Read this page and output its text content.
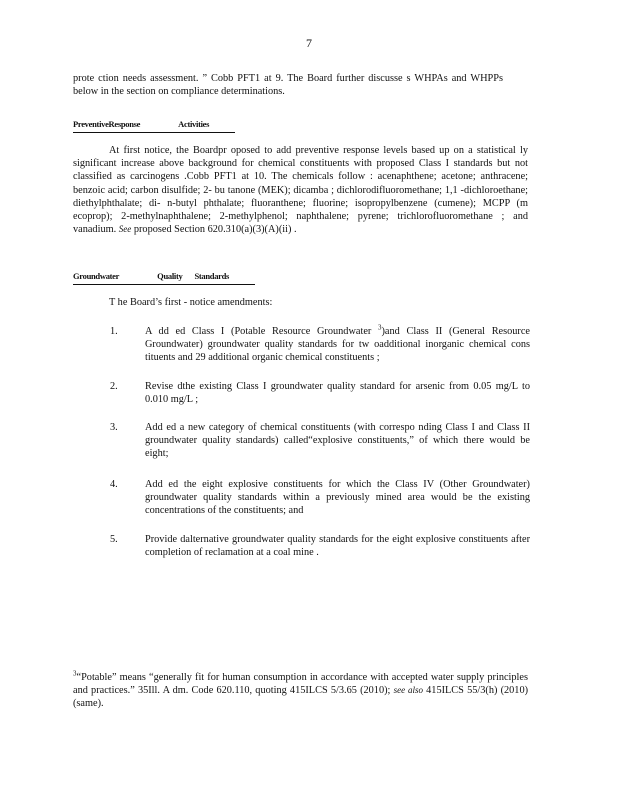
7
prote ction needs assessment. ” Cobb PFT1 at 9. The Board further discusse s WHPAs and WHPPs below in the section on compliance determinations.
PreventiveResponse	Activities
At first notice, the Boardpr oposed to add preventive response levels based up on a statistical ly significant increase above background for chemical constituents with proposed Class I standards but not classified as carcinogens .Cobb PFT1 at 10. The chemicals follow : acenaphthene; acetone; anthracene; benzoic acid; carbon disulfide; 2- bu tanone (MEK); dicamba ; dichlorodifluoromethane; 1,1 -dichloroethane; diethylphthalate; di- n-butyl phthalate; fluoranthene; fluorine; isopropylbenzene (cumene); MCPP (m ecoprop); 2-methylnaphthalene; 2-methylphenol; naphthalene; pyrene; trichlorofluoromethane ; and vanadium. See proposed Section 620.310(a)(3)(A)(ii) .
Groundwater	Quality Standards
T he Board’s first - notice amendments:
1.	A dd ed Class I (Potable Resource Groundwater $^3$)and Class II (General Resource Groundwater) groundwater quality standards for tw oadditional inorganic chemical cons tituents and 29 additional organic chemical constituents ;
2.	Revise dthe existing Class I groundwater quality standard for arsenic from 0.05 mg/L to 0.010 mg/L ;
3.	Add ed a new category of chemical constituents (with correspo nding Class I and Class II groundwater quality standards) called“explosive constituents,” of which there would be eight;
4.	Add ed the eight explosive constituents for which the Class IV (Other Groundwater) groundwater quality standards within a previously mined area would be the existing concentrations of the constituents; and
5.	Provide dalternative groundwater quality standards for the eight explosive constituents after completion of reclamation at a coal mine .
$^3$“Potable” means “generally fit for human consumption in accordance with accepted water supply principles and practices.” 35Ill. A dm. Code 620.110, quoting 415ILCS 5/3.65 (2010); see also 415ILCS 55/3(h) (2010) (same).
